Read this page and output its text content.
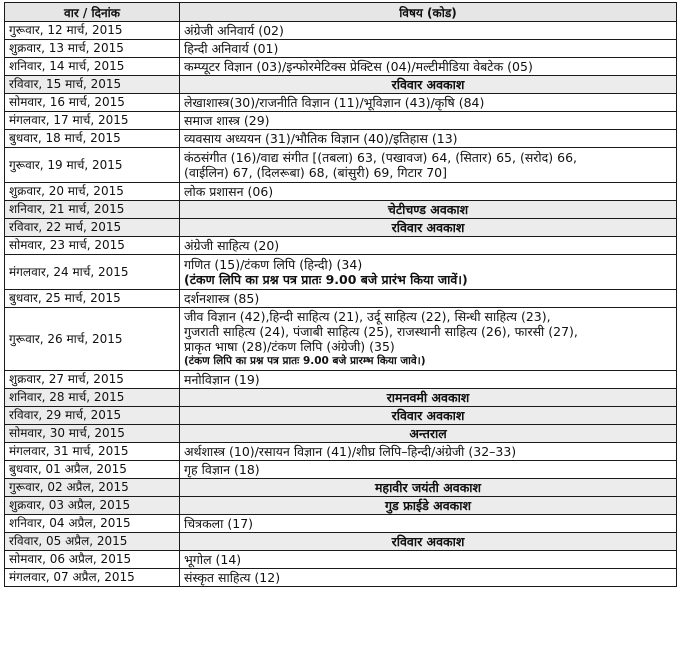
वार / दिनांक	विषय (कोड)
गुरूवार, 12 मार्च, 2015	अंग्रेजी अनिवार्य (02)

शुक्रवार, 13 मार्च, 2015	हिन्दी अनिवार्य (01)

शनिवार, 14 मार्च, 2015	कम्प्यूटर विज्ञान (03)/इन्फोरमेटिक्स प्रेक्टिस (04)/मल्टीमीडिया वेबटेक (05)

रविवार, 15 मार्च, 2015	रविवार अवकाश
सोमवार, 16 मार्च, 2015	लेखाशास्त्र(30)/राजनीति विज्ञान (11)/भूविज्ञान (43)/कृषि (84)

मंगलवार, 17 मार्च, 2015	समाज शास्त्र (29)

बुधवार, 18 मार्च, 2015	व्यवसाय अध्ययन (31)/भौतिक विज्ञान (40)/इतिहास (13)

गुरूवार, 19 मार्च, 2015	कंठसंगीत (16)/वाद्य संगीत [(तबला) 63, (पखावज) 64, (सितार) 65, (सरोद) 66,
(वाईलिन) 67, (दिलरूबा) 68, (बांसुरी) 69, गिटार 70]

शुक्रवार, 20 मार्च, 2015	लोक प्रशासन (06)

शनिवार, 21 मार्च, 2015	चेटीचण्ड अवकाश
रविवार, 22 मार्च, 2015	रविवार अवकाश
सोमवार, 23 मार्च, 2015	अंग्रेजी साहित्य (20)

मंगलवार, 24 मार्च, 2015	गणित (15)/टंकण लिपि (हिन्दी) (34)
(टंकण लिपि का प्रश्न पत्र प्रातः 9.00 बजे प्रारंभ किया जावें।)

बुधवार, 25 मार्च, 2015	दर्शनशास्त्र (85)

गुरूवार, 26 मार्च, 2015	जीव विज्ञान (42),हिन्दी साहित्य (21), उर्दू साहित्य (22), सिन्धी साहित्य (23),
गुजराती साहित्य (24), पंजाबी साहित्य (25), राजस्थानी साहित्य (26), फारसी (27),
प्राकृत भाषा (28)/टंकण लिपि (अंग्रेजी) (35)
(टंकण लिपि का प्रश्न पत्र प्रातः 9.00 बजे प्रारम्भ किया जावे।)

शुक्रवार, 27 मार्च, 2015	मनोविज्ञान (19)

शनिवार, 28 मार्च, 2015	रामनवमी अवकाश
रविवार, 29 मार्च, 2015	रविवार अवकाश
सोमवार, 30 मार्च, 2015	अन्तराल
मंगलवार, 31 मार्च, 2015	अर्थशास्त्र (10)/रसायन विज्ञान (41)/शीघ्र लिपि–हिन्दी/अंग्रेजी (32–33)

बुधवार, 01 अप्रैल, 2015	गृह विज्ञान (18)

गुरूवार, 02 अप्रैल, 2015	महावीर जयंती अवकाश
शुक्रवार, 03 अप्रैल, 2015	गुड फ्राईडे अवकाश
शनिवार, 04 अप्रैल, 2015	चित्रकला (17)

रविवार, 05 अप्रैल, 2015	रविवार अवकाश
सोमवार, 06 अप्रैल, 2015	भूगोल (14)

मंगलवार, 07 अप्रैल, 2015	संस्कृत साहित्य (12)
